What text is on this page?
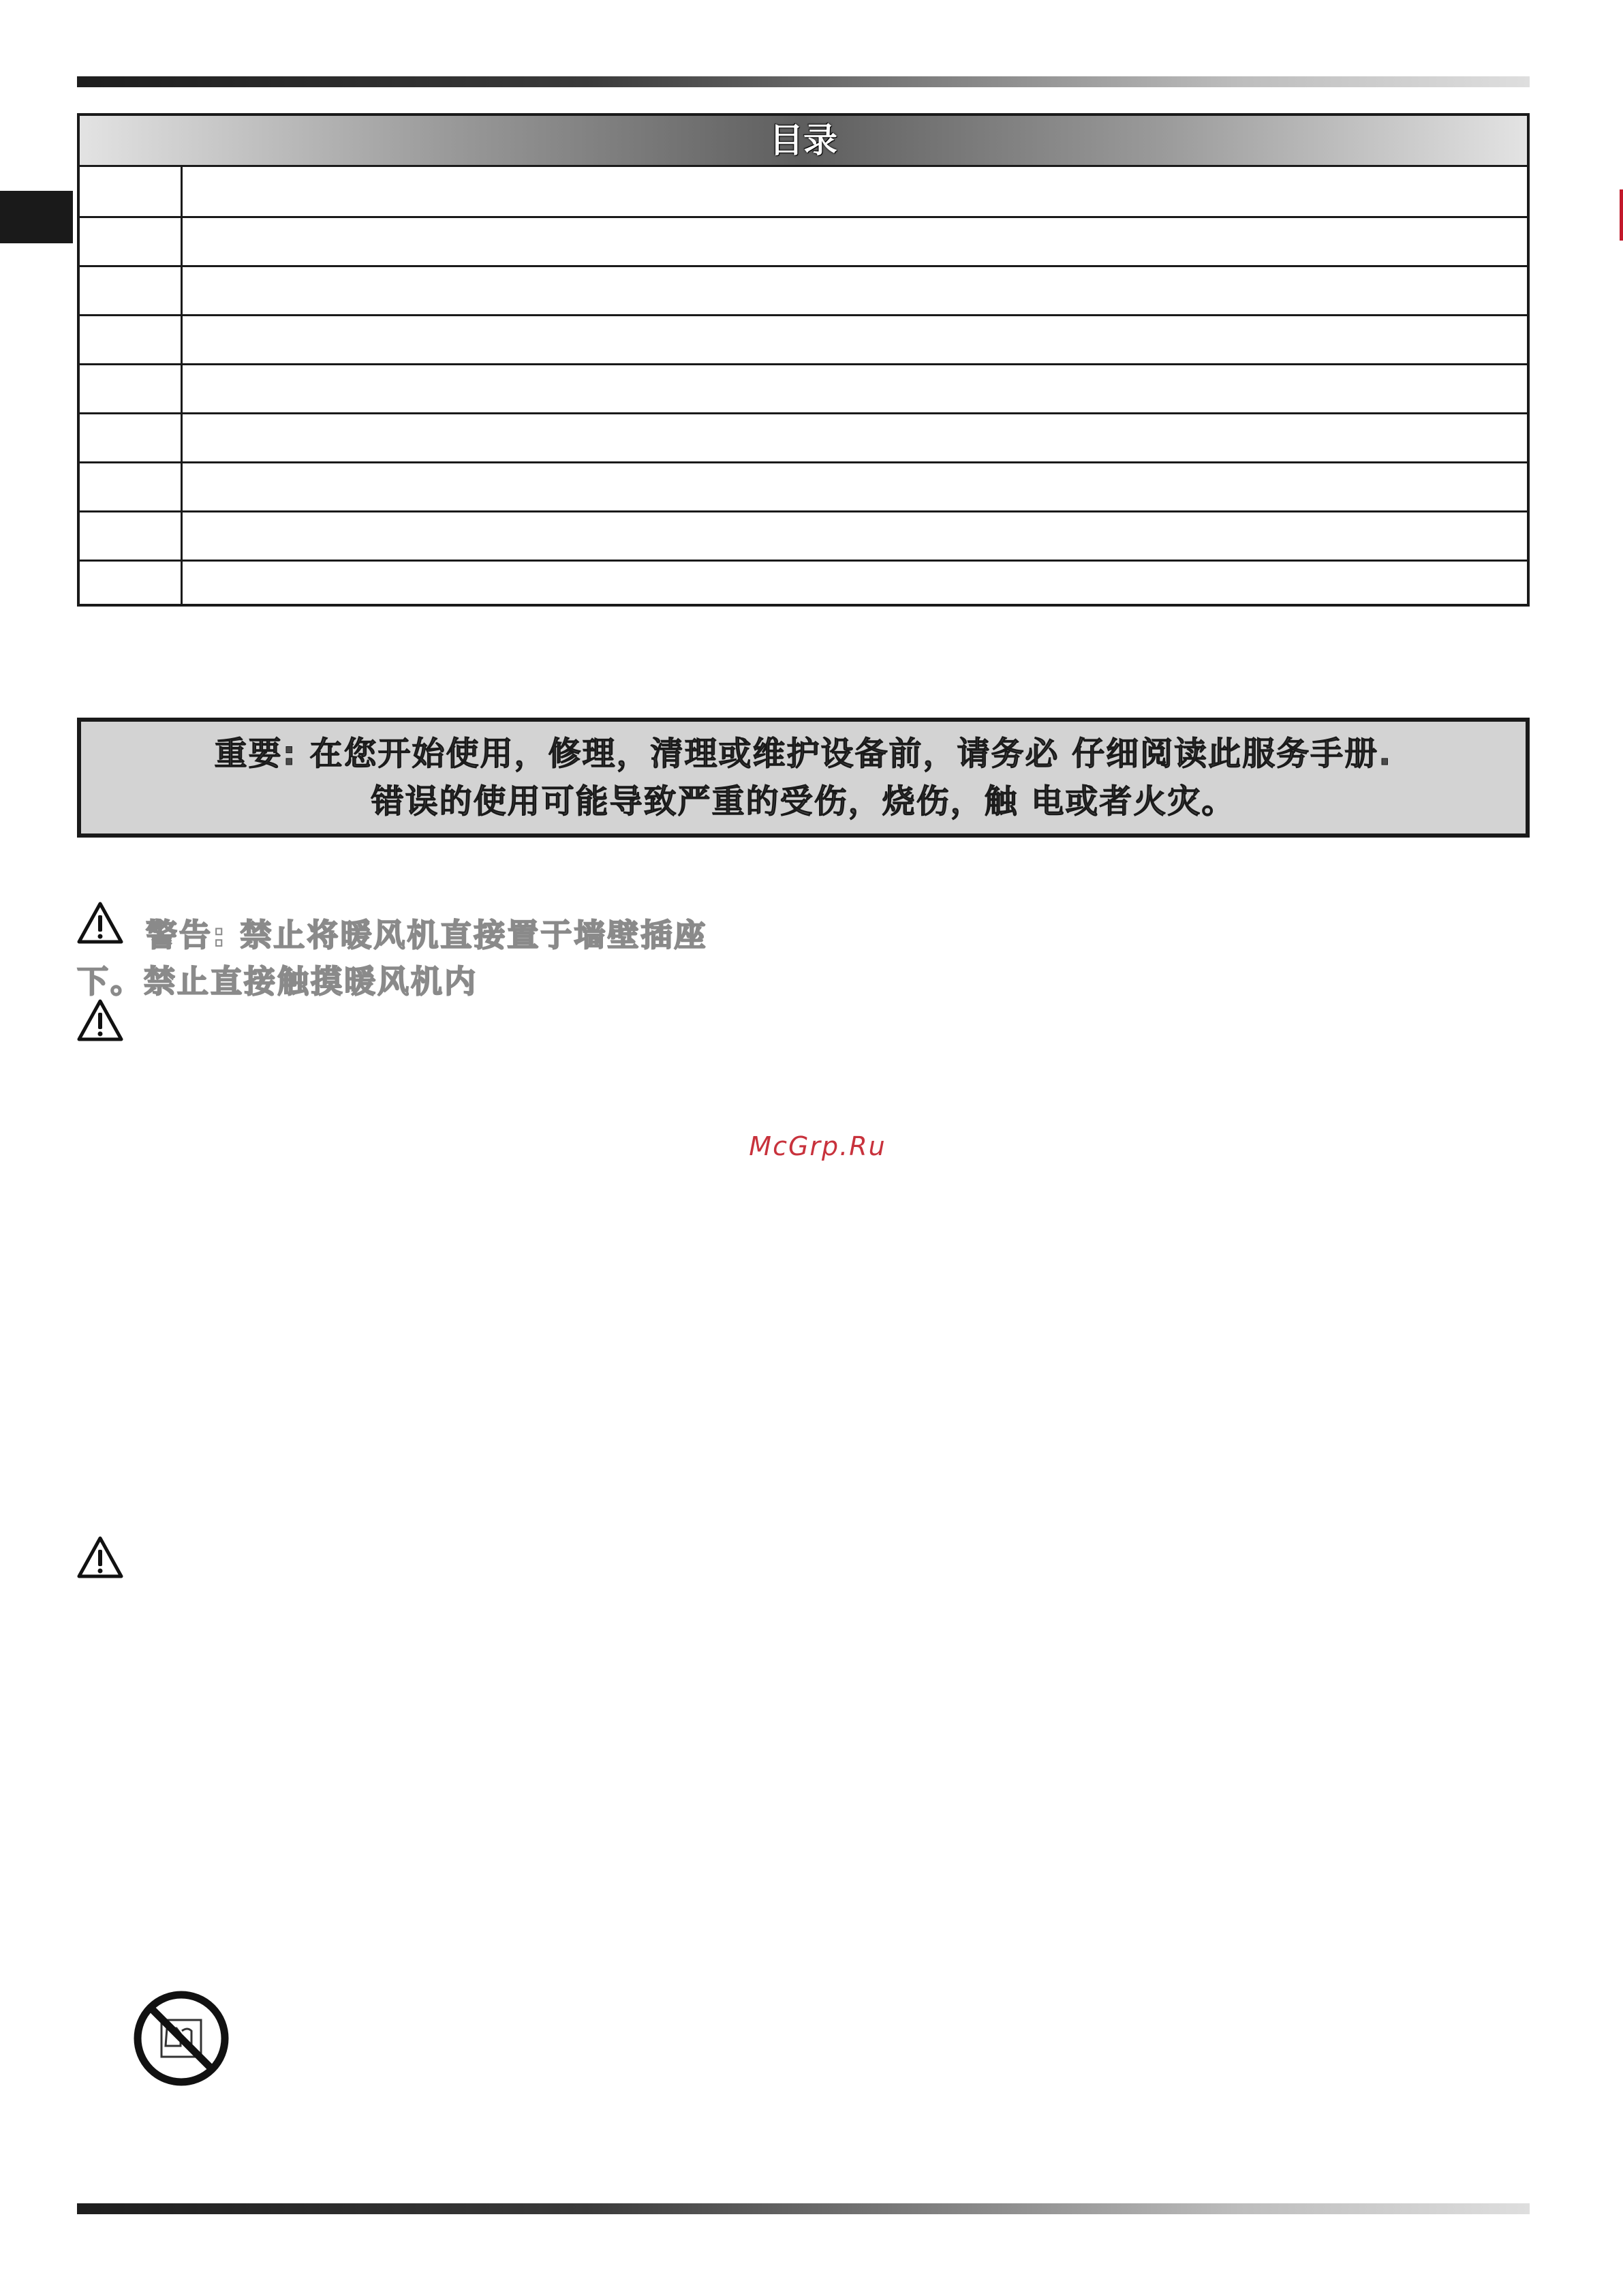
目录
重要: 在您开始使用，修理，清理或维护设备前，请务必 仔细阅读此服务手册.
错误的使用可能导致严重的受伤，烧伤，触 电或者火灾。
警告: 禁止将暖风机直接置于墙壁插座
下。禁止直接触摸暖风机内
McGrp.Ru
